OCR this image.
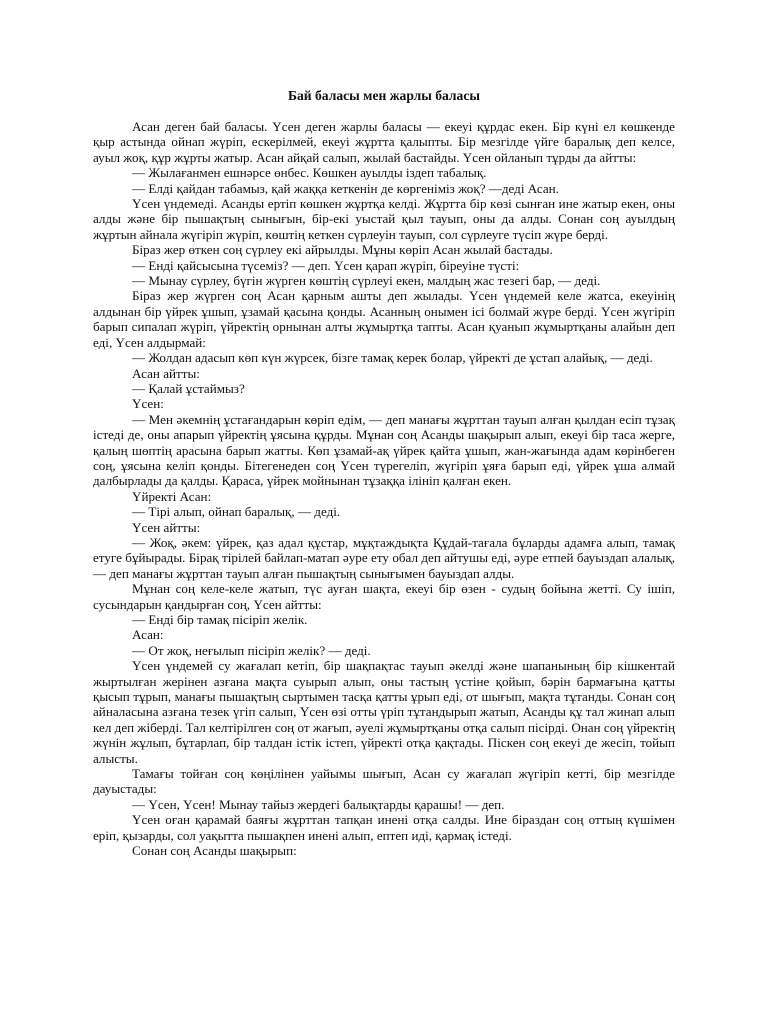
Бай баласы мен жарлы баласы

Асан деген бай баласы. Үсен деген жарлы баласы — екеуі құрдас екен. Бір күні ел көшкенде қыр астында ойнап жүріп, ескерілмей, екеуі жұртта қалыпты. Бір мезгілде үйге баралық деп келсе, ауыл жоқ, құр жұрты жатыр. Асан айқай салып, жылай бастайды. Үсен ойланып тұрды да айтты:

— Жылағанмен ешнәрсе өнбес. Көшкен ауылды іздеп табалық.

— Елді қайдан табамыз, қай жаққа кеткенін де көргеніміз жоқ? —деді Асан.

Үсен үндемеді. Асанды ертіп көшкен жұртқа келді. Жұртта бір көзі сынған ине жатыр екен, оны алды және бір пышақтың сынығын, бір-екі уыстай қыл тауып, оны да алды. Сонан соң ауылдың жұртын айнала жүгіріп жүріп, көштің кеткен сүрлеуін тауып, сол сүрлеуге түсіп жүре берді.

Біраз жер өткен соң сүрлеу екі айрылды. Мұны көріп Асан жылай бастады.

— Енді қайсысына түсеміз? — деп. Үсен қарап жүріп, біреуіне түсті:

— Мынау сүрлеу, бүгін жүрген көштің сүрлеуі екен, малдың жас тезегі бар, — деді.

Біраз жер жүрген соң Асан қарным ашты деп жылады. Үсен үндемей келе жатса, екеуінің алдынан бір үйрек ұшып, ұзамай қасына қонды. Асанның онымен ісі болмай жүре берді. Үсен жүгіріп барып сипалап жүріп, үйректің орнынан алты жұмыртқа тапты. Асан қуанып жұмыртқаны алайын деп еді, Үсен алдырмай:

— Жолдан адасып көп күн жүрсек, бізге тамақ керек болар, үйректі де ұстап алайық, — деді.

Асан айтты:

— Қалай ұстаймыз?

Үсен:

— Мен әкемнің ұстағандарын көріп едім, — деп манағы жұрттан тауып алған қылдан есіп тұзақ істеді де, оны апарып үйректің ұясына құрды. Мұнан соң Асанды шақырып алып, екеуі бір таса жерге, қалың шөптің арасына барып жатты. Көп ұзамай-ақ үйрек қайта ұшып, жан-жағында адам көрінбеген соң, ұясына келіп қонды. Бітегенеден соң Үсен түрегеліп, жүгіріп ұяға барып еді, үйрек ұша алмай далбырлады да қалды. Қараса, үйрек мойнынан тұзаққа ілініп қалған екен.

Үйректі Асан:

— Тірі алып, ойнап баралық, — деді.

Үсен айтты:

— Жоқ, әкем: үйрек, қаз адал құстар, мұқтаждықта Құдай-тағала бұларды адамға алып, тамақ етуге бұйырады. Бірақ тірілей байлап-матап әуре ету обал деп айтушы еді, әуре етпей бауыздап алалық, — деп манағы жұрттан тауып алған пышақтың сынығымен бауыздап алды.

Мұнан соң келе-келе жатып, түс ауған шақта, екеуі бір өзен - судың бойына жетті. Су ішіп, сусындарын қандырған соң, Үсен айтты:

— Енді бір тамақ пісіріп желік.

Асан:

— От жоқ, неғылып пісіріп желік? — деді.

Үсен үндемей су жағалап кетіп, бір шақпақтас тауып әкелді және шапанының бір кішкентай жыртылған жерінен азғана мақта суырып алып, оны тастың үстіне қойып, бәрін бармағына қатты қысып тұрып, манағы пышақтың сыртымен тасқа қатты ұрып еді, от шығып, мақта тұтанды. Сонан соң айналасына азғана тезек үгіп салып, Үсен өзі отты үріп тұтандырып жатып, Асанды құ тал жинап алып кел деп жіберді. Тал келтірілген соң от жағып, әуелі жұмыртқаны отқа салып пісірді. Онан соң үйректің жүнін жұлып, бұтарлап, бір талдан істік істеп, үйректі отқа қақтады. Піскен соң екеуі де жесіп, тойып алысты.

Тамағы тойған соң көңілінен уайымы шығып, Асан су жағалап жүгіріп кетті, бір мезгілде дауыстады:

— Үсен, Үсен! Мынау тайыз жердегі балықтарды қарашы! — деп.

Үсен оған қарамай баяғы жұрттан тапқан инені отқа салды. Ине біраздан соң оттың күшімен еріп, қызарды, сол уақытта пышақпен инені алып, ептеп иді, қармақ істеді.

Сонан соң Асанды шақырып:
